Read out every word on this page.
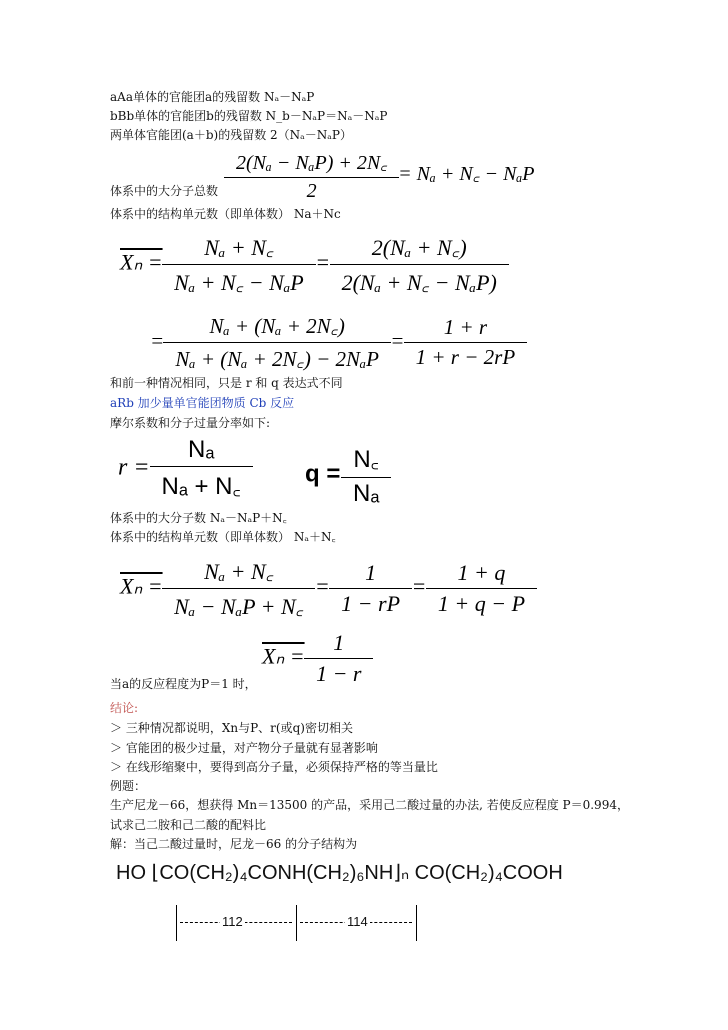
aAa单体的官能团a的残留数 Nₐ－NₐP
bBb单体的官能团b的残留数 N_b－NₐP＝Nₐ－NₐP
两单体官能团(a＋b)的残留数 2（Nₐ－NₐP）
$\frac{\text{2(Nₐ − NₐP) + 2N꜀}}{2} = N_a$ + N꜀ − NₐP
体系中的大分子总数
体系中的结构单元数（即单体数） Na＋Nc
$X_n = \frac{\text{Nₐ + N꜀}}{\text{Nₐ + N꜀ − NₐP}} = \frac{\text{2(Nₐ + N꜀)}}{\text{2(Nₐ + N꜀ − NₐP)}}$
= $\frac{\text{Nₐ + (Nₐ + 2N꜀)}}{\text{Nₐ + (Nₐ + 2N꜀) − 2NₐP}} = \frac{1 + r}{1 + r - 2rP}$
和前一种情况相同，只是 r 和 q 表达式不同
aRb 加少量单官能团物质 Cb 反应
摩尔系数和分子过量分率如下:
$r = \frac{\text{Nₐ}}{\text{Nₐ + N꜀}}$ $q = \frac{N꜀}{\text{Nₐ}}$
体系中的大分子数 Nₐ－NₐP＋N꜀
体系中的结构单元数（即单体数） Nₐ＋N꜀
$X_n = \frac{\text{Nₐ + N꜀}}{\text{Nₐ − NₐP + N꜀}} = \frac{1}{1 - rP} = \frac{1 + q}{1 + q - P}$
$X_n = \frac{1}{1 - r}$
当a的反应程度为P＝1 时，
结论:
＞ 三种情况都说明，Xn与P、r(或q)密切相关
＞ 官能团的极少过量，对产物分子量就有显著影响
＞ 在线形缩聚中，要得到高分子量，必须保持严格的等当量比
例题：
生产尼龙－66，想获得 Mn＝13500 的产品，采用己二酸过量的办法, 若使反应程度 P＝0.994，
试求己二胺和己二酸的配料比
解：当己二酸过量时，尼龙－66 的分子结构为
HO ⌊CO(CH₂)₄CONH(CH₂)₆NH⌋ₙ CO(CH₂)₄COOH
112	114
